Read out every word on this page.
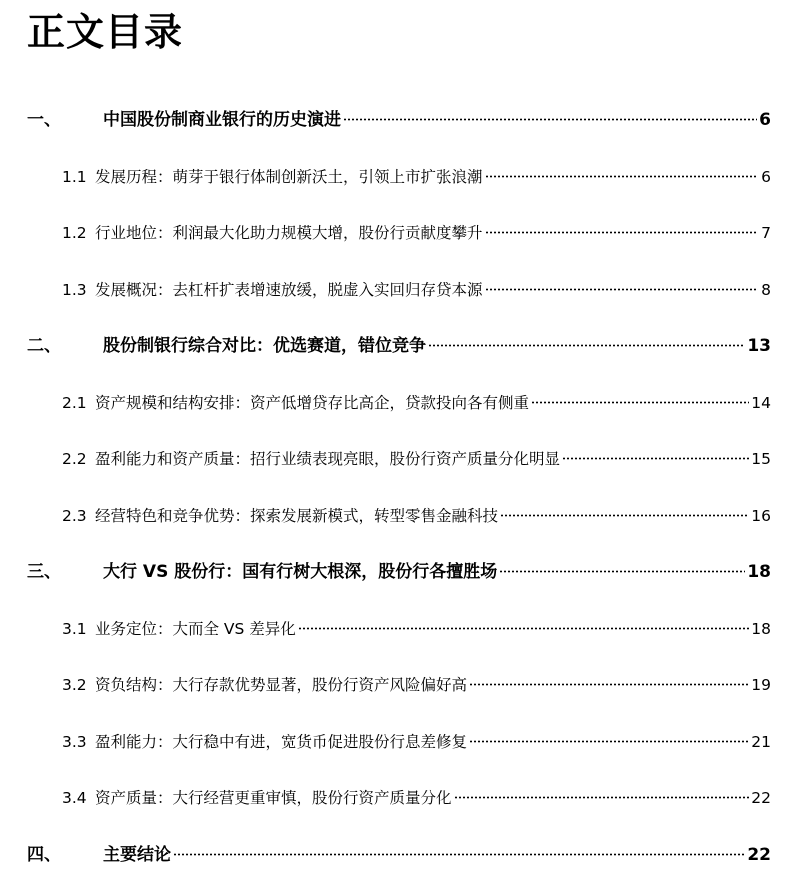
正文目录
一、	中国股份制商业银行的历史演进	6
1.1 发展历程：萌芽于银行体制创新沃土，引领上市扩张浪潮	6
1.2 行业地位：利润最大化助力规模大增，股份行贡献度攀升	7
1.3 发展概况：去杠杆扩表增速放缓，脱虚入实回归存贷本源	8
二、	股份制银行综合对比：优选赛道，错位竞争	13
2.1 资产规模和结构安排：资产低增贷存比高企，贷款投向各有侧重	14
2.2 盈利能力和资产质量：招行业绩表现亮眼，股份行资产质量分化明显	15
2.3 经营特色和竞争优势：探索发展新模式，转型零售金融科技	16
三、	大行 VS 股份行：国有行树大根深，股份行各擅胜场	18
3.1 业务定位：大而全 VS 差异化	18
3.2 资负结构：大行存款优势显著，股份行资产风险偏好高	19
3.3 盈利能力：大行稳中有进，宽货币促进股份行息差修复	21
3.4 资产质量：大行经营更重审慎，股份行资产质量分化	22
四、	主要结论	22
